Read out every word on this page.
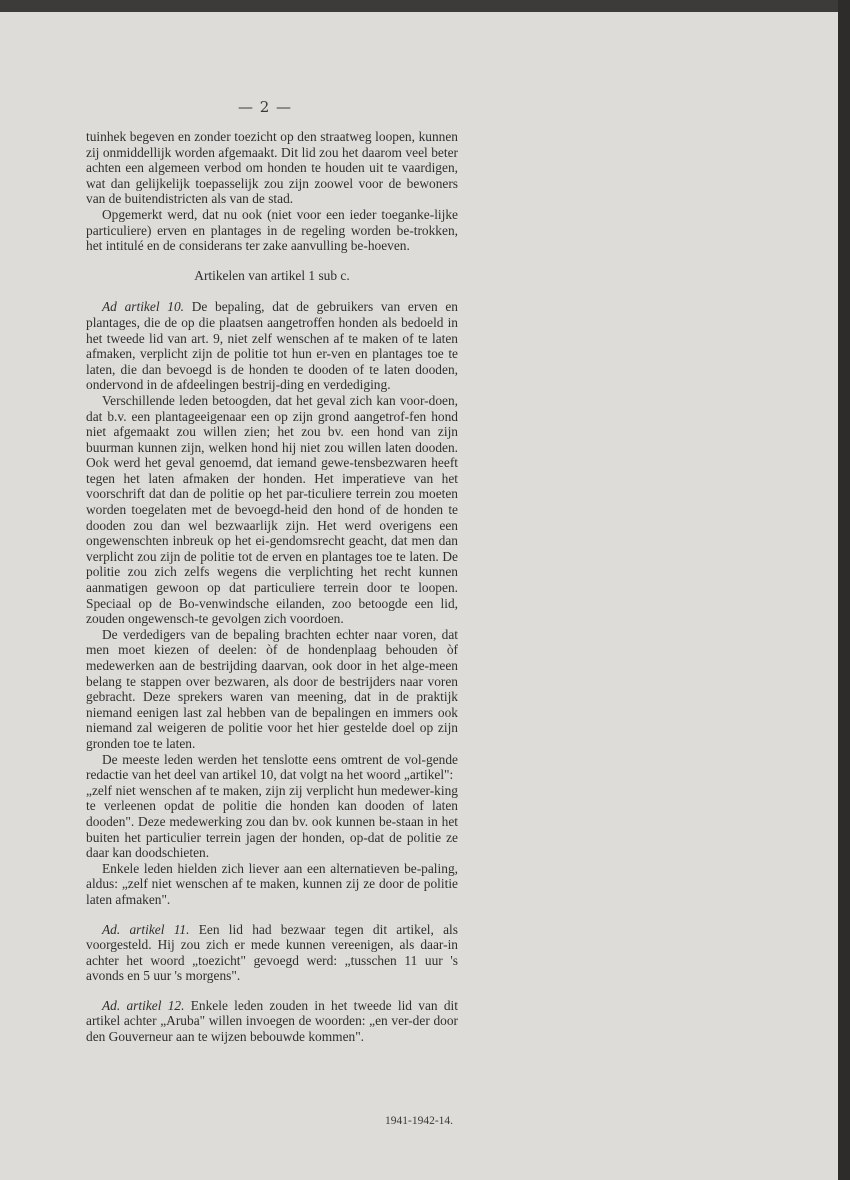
— 2 —

tuinhek begeven en zonder toezicht op den straatweg loopen, kunnen zij onmiddellijk worden afgemaakt. Dit lid zou het daarom veel beter achten een algemeen verbod om honden te houden uit te vaardigen, wat dan gelijkelijk toepasselijk zou zijn zoowel voor de bewoners van de buitendistricten als van de stad.

Opgemerkt werd, dat nu ook (niet voor een ieder toeganke-lijke particuliere) erven en plantages in de regeling worden be-trokken, het intitulé en de considerans ter zake aanvulling be-hoeven.

Artikelen van artikel 1 sub c.

Ad artikel 10. De bepaling, dat de gebruikers van erven en plantages, die de op die plaatsen aangetroffen honden als bedoeld in het tweede lid van art. 9, niet zelf wenschen af te maken of te laten afmaken, verplicht zijn de politie tot hun er-ven en plantages toe te laten, die dan bevoegd is de honden te dooden of te laten dooden, ondervond in de afdeelingen bestrij-ding en verdediging.

Verschillende leden betoogden, dat het geval zich kan voor-doen, dat b.v. een plantageeigenaar een op zijn grond aangetrof-fen hond niet afgemaakt zou willen zien; het zou bv. een hond van zijn buurman kunnen zijn, welken hond hij niet zou willen laten dooden. Ook werd het geval genoemd, dat iemand gewe-tensbezwaren heeft tegen het laten afmaken der honden. Het imperatieve van het voorschrift dat dan de politie op het par-ticuliere terrein zou moeten worden toegelaten met de bevoegd-heid den hond of de honden te dooden zou dan wel bezwaarlijk zijn. Het werd overigens een ongewenschten inbreuk op het ei-gendomsrecht geacht, dat men dan verplicht zou zijn de politie tot de erven en plantages toe te laten. De politie zou zich zelfs wegens die verplichting het recht kunnen aanmatigen gewoon op dat particuliere terrein door te loopen. Speciaal op de Bo-venwindsche eilanden, zoo betoogde een lid, zouden ongewensch-te gevolgen zich voordoen.

De verdedigers van de bepaling brachten echter naar voren, dat men moet kiezen of deelen: òf de hondenplaag behouden òf medewerken aan de bestrijding daarvan, ook door in het alge-meen belang te stappen over bezwaren, als door de bestrijders naar voren gebracht. Deze sprekers waren van meening, dat in de praktijk niemand eenigen last zal hebben van de bepalingen en immers ook niemand zal weigeren de politie voor het hier gestelde doel op zijn gronden toe te laten.

De meeste leden werden het tenslotte eens omtrent de vol-gende redactie van het deel van artikel 10, dat volgt na het woord „artikel":

„zelf niet wenschen af te maken, zijn zij verplicht hun medewer-king te verleenen opdat de politie die honden kan dooden of laten dooden". Deze medewerking zou dan bv. ook kunnen be-staan in het buiten het particulier terrein jagen der honden, op-dat de politie ze daar kan doodschieten.

Enkele leden hielden zich liever aan een alternatieven be-paling, aldus: „zelf niet wenschen af te maken, kunnen zij ze door de politie laten afmaken".

Ad. artikel 11. Een lid had bezwaar tegen dit artikel, als voorgesteld. Hij zou zich er mede kunnen vereenigen, als daar-in achter het woord „toezicht" gevoegd werd: „tusschen 11 uur 's avonds en 5 uur 's morgens".

Ad. artikel 12. Enkele leden zouden in het tweede lid van dit artikel achter „Aruba" willen invoegen de woorden: „en ver-der door den Gouverneur aan te wijzen bebouwde kommen".

1941-1942-14.
